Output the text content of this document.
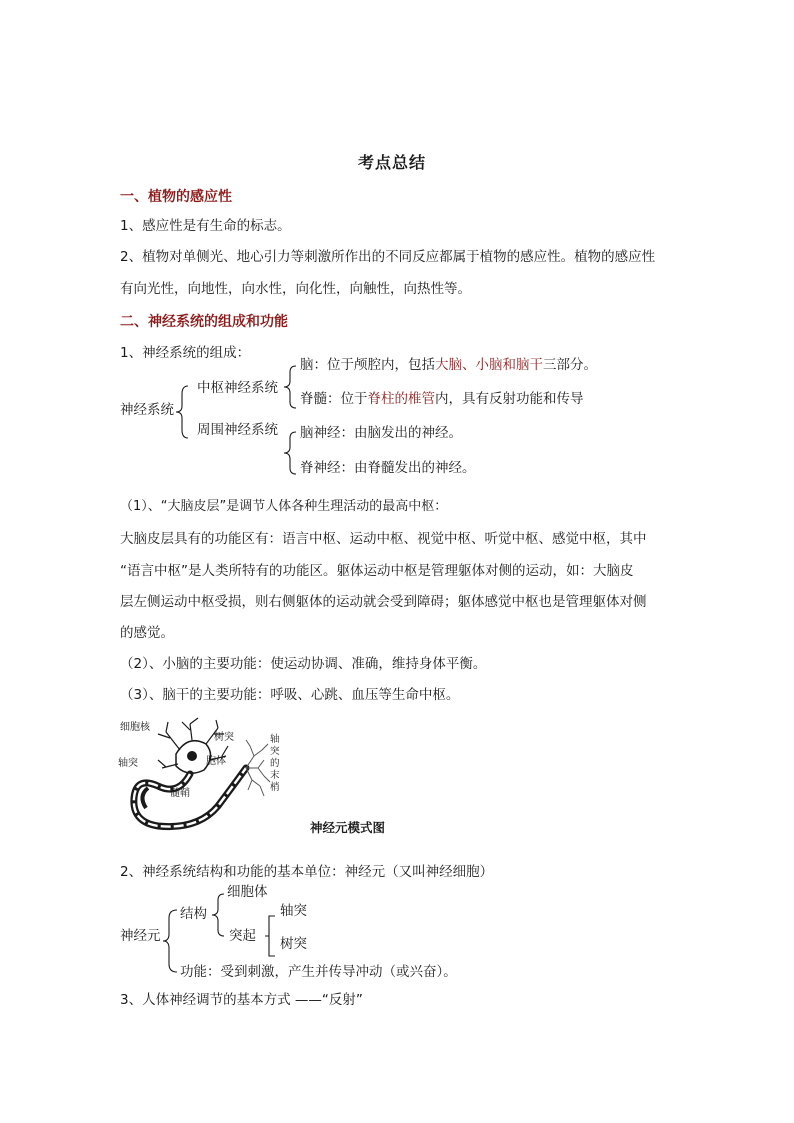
考点总结
一、植物的感应性
1、感应性是有生命的标志。
2、植物对单侧光、地心引力等刺激所作出的不同反应都属于植物的感应性。植物的感应性
有向光性，向地性，向水性，向化性，向触性，向热性等。
二、神经系统的组成和功能
1、神经系统的组成：
神经系统
中枢神经系统
周围神经系统
脑：位于颅腔内，包括大脑、小脑和脑干三部分。
脊髓：位于脊柱的椎管内，具有反射功能和传导
脑神经：由脑发出的神经。
脊神经：由脊髓发出的神经。
（1）、“大脑皮层”是调节人体各种生理活动的最高中枢：
大脑皮层具有的功能区有：语言中枢、运动中枢、视觉中枢、听觉中枢、感觉中枢，其中
“语言中枢”是人类所特有的功能区。躯体运动中枢是管理躯体对侧的运动，如：大脑皮
层左侧运动中枢受损，则右侧躯体的运动就会受到障碍；躯体感觉中枢也是管理躯体对侧
的感觉。
（2）、小脑的主要功能：使运动协调、准确，维持身体平衡。
（3）、脑干的主要功能：呼吸、心跳、血压等生命中枢。
细胞核
树突
胞体
轴突
髓鞘
轴
突
的
末
梢
神经元模式图
2、神经系统结构和功能的基本单位：神经元（又叫神经细胞）
神经元
结构
细胞体
突起
轴突
树突
功能：受到刺激，产生并传导冲动（或兴奋）。
3、人体神经调节的基本方式 ——“反射”
